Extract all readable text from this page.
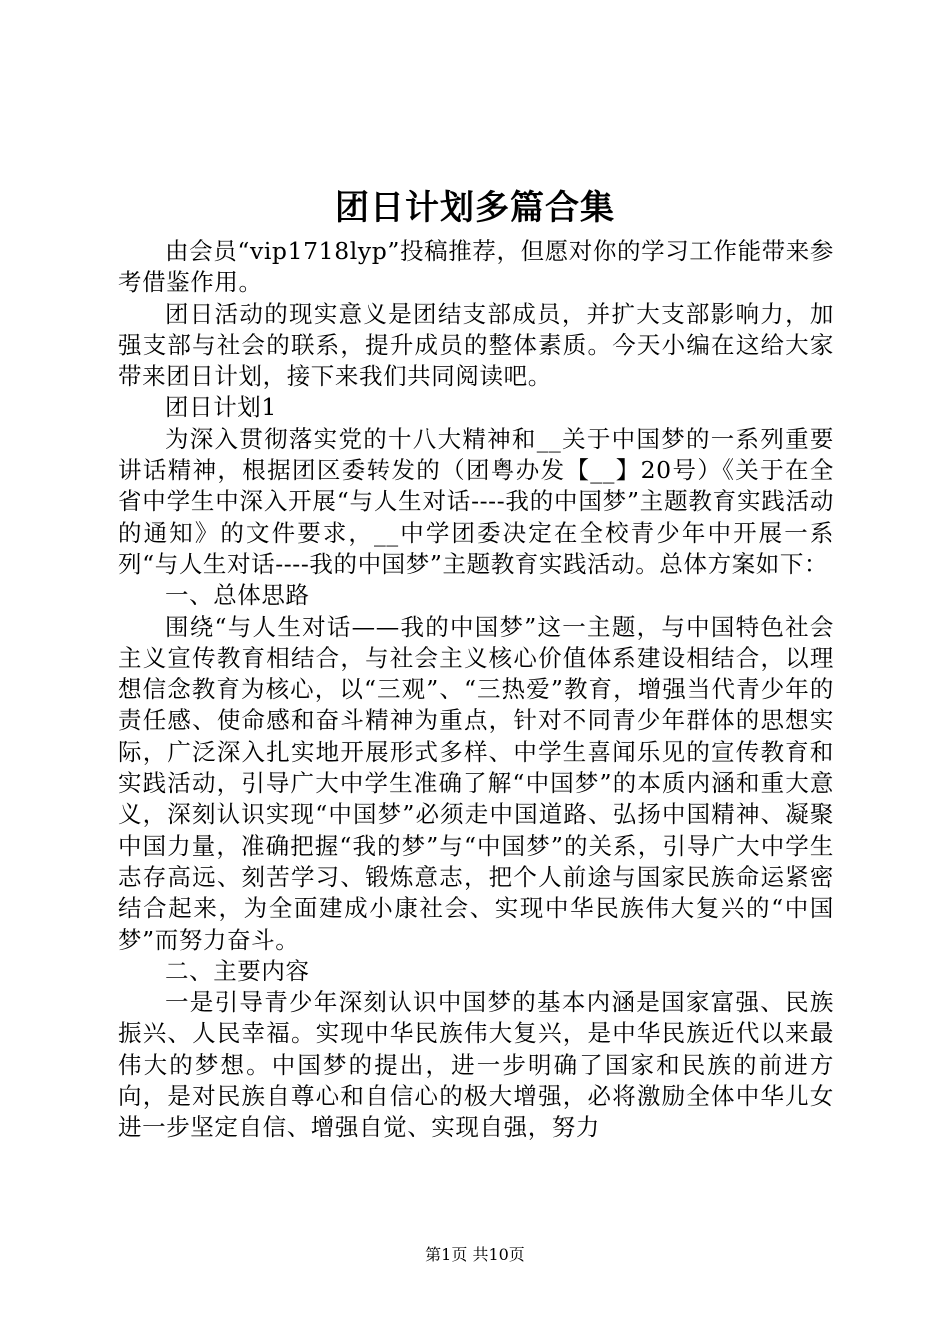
团日计划多篇合集

由会员“vip1718lyp”投稿推荐，但愿对你的学习工作能带来参考借鉴作用。

团日活动的现实意义是团结支部成员，并扩大支部影响力，加强支部与社会的联系，提升成员的整体素质。今天小编在这给大家带来团日计划，接下来我们共同阅读吧。

团日计划1

为深入贯彻落实党的十八大精神和__关于中国梦的一系列重要讲话精神，根据团区委转发的（团粤办发【__】20号）《关于在全省中学生中深入开展“与人生对话----我的中国梦”主题教育实践活动的通知》的文件要求，__中学团委决定在全校青少年中开展一系列“与人生对话----我的中国梦”主题教育实践活动。总体方案如下：

一、总体思路

围绕“与人生对话——我的中国梦”这一主题，与中国特色社会主义宣传教育相结合，与社会主义核心价值体系建设相结合，以理想信念教育为核心，以“三观”、“三热爱”教育，增强当代青少年的责任感、使命感和奋斗精神为重点，针对不同青少年群体的思想实际，广泛深入扎实地开展形式多样、中学生喜闻乐见的宣传教育和实践活动，引导广大中学生准确了解“中国梦”的本质内涵和重大意义，深刻认识实现“中国梦”必须走中国道路、弘扬中国精神、凝聚中国力量，准确把握“我的梦”与“中国梦”的关系，引导广大中学生志存高远、刻苦学习、锻炼意志，把个人前途与国家民族命运紧密结合起来，为全面建成小康社会、实现中华民族伟大复兴的“中国梦”而努力奋斗。

二、主要内容

一是引导青少年深刻认识中国梦的基本内涵是国家富强、民族振兴、人民幸福。实现中华民族伟大复兴，是中华民族近代以来最伟大的梦想。中国梦的提出，进一步明确了国家和民族的前进方向，是对民族自尊心和自信心的极大增强，必将激励全体中华儿女进一步坚定自信、增强自觉、实现自强，努力

第1页 共10页
